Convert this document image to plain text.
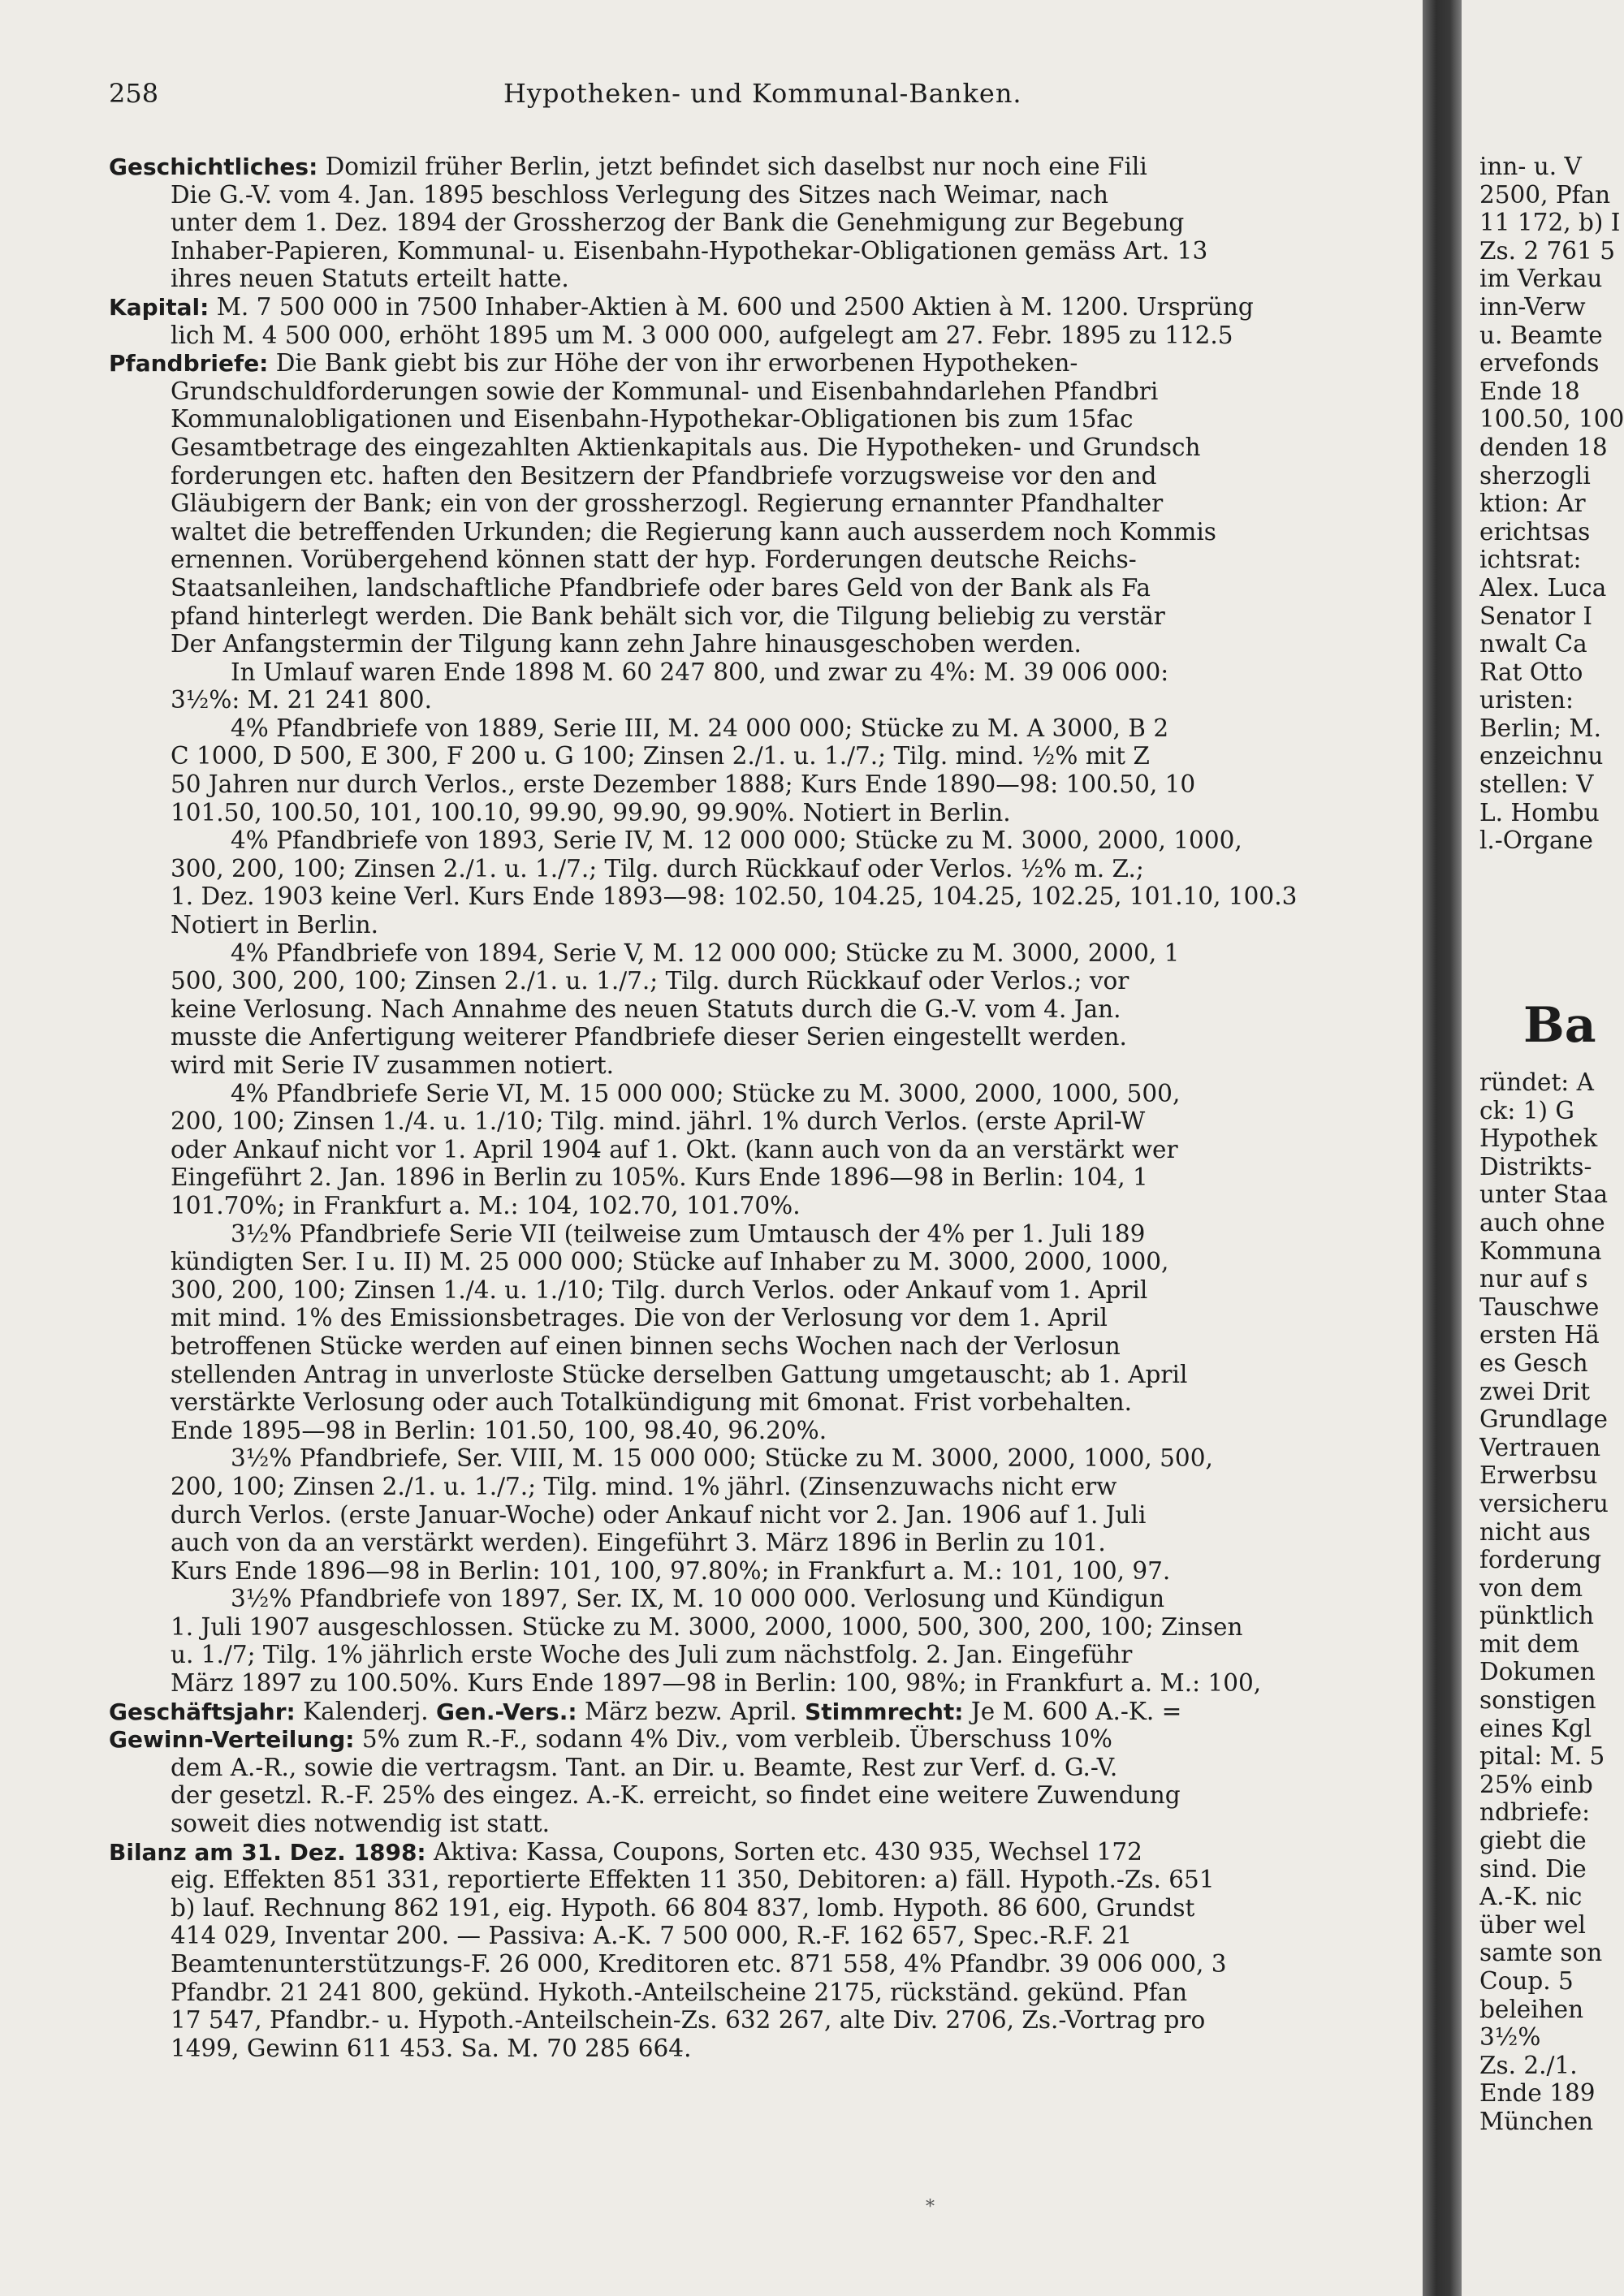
258	Hypotheken- und Kommunal-Banken.
Geschichtliches: Domizil früher Berlin, jetzt befindet sich daselbst nur noch eine Fili
Die G.-V. vom 4. Jan. 1895 beschloss Verlegung des Sitzes nach Weimar, nach
unter dem 1. Dez. 1894 der Grossherzog der Bank die Genehmigung zur Begebung
Inhaber-Papieren, Kommunal- u. Eisenbahn-Hypothekar-Obligationen gemäss Art. 13
ihres neuen Statuts erteilt hatte.
Kapital: M. 7 500 000 in 7500 Inhaber-Aktien à M. 600 und 2500 Aktien à M. 1200. Ursprüng
lich M. 4 500 000, erhöht 1895 um M. 3 000 000, aufgelegt am 27. Febr. 1895 zu 112.5
Pfandbriefe: Die Bank giebt bis zur Höhe der von ihr erworbenen Hypotheken-
Grundschuldforderungen sowie der Kommunal- und Eisenbahndarlehen Pfandbri
Kommunalobligationen und Eisenbahn-Hypothekar-Obligationen bis zum 15fac
Gesamtbetrage des eingezahlten Aktienkapitals aus. Die Hypotheken- und Grundsch
forderungen etc. haften den Besitzern der Pfandbriefe vorzugsweise vor den and
Gläubigern der Bank; ein von der grossherzogl. Regierung ernannter Pfandhalter
waltet die betreffenden Urkunden; die Regierung kann auch ausserdem noch Kommis
ernennen. Vorübergehend können statt der hyp. Forderungen deutsche Reichs-
Staatsanleihen, landschaftliche Pfandbriefe oder bares Geld von der Bank als Fa
pfand hinterlegt werden. Die Bank behält sich vor, die Tilgung beliebig zu verstär
Der Anfangstermin der Tilgung kann zehn Jahre hinausgeschoben werden.
In Umlauf waren Ende 1898 M. 60 247 800, und zwar zu 4%: M. 39 006 000:
3½%: M. 21 241 800.
4% Pfandbriefe von 1889, Serie III, M. 24 000 000; Stücke zu M. A 3000, B 2
C 1000, D 500, E 300, F 200 u. G 100; Zinsen 2./1. u. 1./7.; Tilg. mind. ½% mit Z
50 Jahren nur durch Verlos., erste Dezember 1888; Kurs Ende 1890—98: 100.50, 10
101.50, 100.50, 101, 100.10, 99.90, 99.90, 99.90%. Notiert in Berlin.
4% Pfandbriefe von 1893, Serie IV, M. 12 000 000; Stücke zu M. 3000, 2000, 1000,
300, 200, 100; Zinsen 2./1. u. 1./7.; Tilg. durch Rückkauf oder Verlos. ½% m. Z.;
1. Dez. 1903 keine Verl. Kurs Ende 1893—98: 102.50, 104.25, 104.25, 102.25, 101.10, 100.3
Notiert in Berlin.
4% Pfandbriefe von 1894, Serie V, M. 12 000 000; Stücke zu M. 3000, 2000, 1
500, 300, 200, 100; Zinsen 2./1. u. 1./7.; Tilg. durch Rückkauf oder Verlos.; vor
keine Verlosung. Nach Annahme des neuen Statuts durch die G.-V. vom 4. Jan.
musste die Anfertigung weiterer Pfandbriefe dieser Serien eingestellt werden.
wird mit Serie IV zusammen notiert.
4% Pfandbriefe Serie VI, M. 15 000 000; Stücke zu M. 3000, 2000, 1000, 500,
200, 100; Zinsen 1./4. u. 1./10; Tilg. mind. jährl. 1% durch Verlos. (erste April-W
oder Ankauf nicht vor 1. April 1904 auf 1. Okt. (kann auch von da an verstärkt wer
Eingeführt 2. Jan. 1896 in Berlin zu 105%. Kurs Ende 1896—98 in Berlin: 104, 1
101.70%; in Frankfurt a. M.: 104, 102.70, 101.70%.
3½% Pfandbriefe Serie VII (teilweise zum Umtausch der 4% per 1. Juli 189
kündigten Ser. I u. II) M. 25 000 000; Stücke auf Inhaber zu M. 3000, 2000, 1000,
300, 200, 100; Zinsen 1./4. u. 1./10; Tilg. durch Verlos. oder Ankauf vom 1. April
mit mind. 1% des Emissionsbetrages. Die von der Verlosung vor dem 1. April
betroffenen Stücke werden auf einen binnen sechs Wochen nach der Verlosun
stellenden Antrag in unverloste Stücke derselben Gattung umgetauscht; ab 1. April
verstärkte Verlosung oder auch Totalkündigung mit 6monat. Frist vorbehalten.
Ende 1895—98 in Berlin: 101.50, 100, 98.40, 96.20%.
3½% Pfandbriefe, Ser. VIII, M. 15 000 000; Stücke zu M. 3000, 2000, 1000, 500,
200, 100; Zinsen 2./1. u. 1./7.; Tilg. mind. 1% jährl. (Zinsenzuwachs nicht erw
durch Verlos. (erste Januar-Woche) oder Ankauf nicht vor 2. Jan. 1906 auf 1. Juli
auch von da an verstärkt werden). Eingeführt 3. März 1896 in Berlin zu 101.
Kurs Ende 1896—98 in Berlin: 101, 100, 97.80%; in Frankfurt a. M.: 101, 100, 97.
3½% Pfandbriefe von 1897, Ser. IX, M. 10 000 000. Verlosung und Kündigun
1. Juli 1907 ausgeschlossen. Stücke zu M. 3000, 2000, 1000, 500, 300, 200, 100; Zinsen
u. 1./7; Tilg. 1% jährlich erste Woche des Juli zum nächstfolg. 2. Jan. Eingeführ
März 1897 zu 100.50%. Kurs Ende 1897—98 in Berlin: 100, 98%; in Frankfurt a. M.: 100,
Geschäftsjahr: Kalenderj. Gen.-Vers.: März bezw. April. Stimmrecht: Je M. 600 A.-K. =
Gewinn-Verteilung: 5% zum R.-F., sodann 4% Div., vom verbleib. Überschuss 10%
dem A.-R., sowie die vertragsm. Tant. an Dir. u. Beamte, Rest zur Verf. d. G.-V.
der gesetzl. R.-F. 25% des eingez. A.-K. erreicht, so findet eine weitere Zuwendung
soweit dies notwendig ist statt.
Bilanz am 31. Dez. 1898: Aktiva: Kassa, Coupons, Sorten etc. 430 935, Wechsel 172
eig. Effekten 851 331, reportierte Effekten 11 350, Debitoren: a) fäll. Hypoth.-Zs. 651
b) lauf. Rechnung 862 191, eig. Hypoth. 66 804 837, lomb. Hypoth. 86 600, Grundst
414 029, Inventar 200. — Passiva: A.-K. 7 500 000, R.-F. 162 657, Spec.-R.F. 21
Beamtenunterstützungs-F. 26 000, Kreditoren etc. 871 558, 4% Pfandbr. 39 006 000, 3
Pfandbr. 21 241 800, gekünd. Hykoth.-Anteilscheine 2175, rückständ. gekünd. Pfan
17 547, Pfandbr.- u. Hypoth.-Anteilschein-Zs. 632 267, alte Div. 2706, Zs.-Vortrag pro
1499, Gewinn 611 453. Sa. M. 70 285 664.
*
inn- u. V
2500, Pfan
11 172, b) I
Zs. 2 761 5
im Verkau
inn-Verw
u. Beamte
ervefonds
Ende 18
100.50, 100
denden 18
sherzogli
ktion: Ar
erichtsas
ichtsrat:
Alex. Luca
Senator I
nwalt Ca
Rat Otto
uristen:
Berlin; M.
enzeichnu
stellen: V
L. Hombu
l.-Organe
Ba
ründet: A
ck: 1) G
Hypothek
Distrikts-
unter Staa
auch ohne
Kommuna
nur auf s
Tauschwe
ersten Hä
es Gesch
zwei Drit
Grundlage
Vertrauen
Erwerbsu
versicheru
nicht aus
forderung
von dem
pünktlich
mit dem
Dokumen
sonstigen
eines Kgl
pital: M. 5
25% einb
ndbriefe:
giebt die
sind. Die
A.-K. nic
über wel
samte son
Coup. 5
beleihen
3½%
Zs. 2./1.
Ende 189
München
